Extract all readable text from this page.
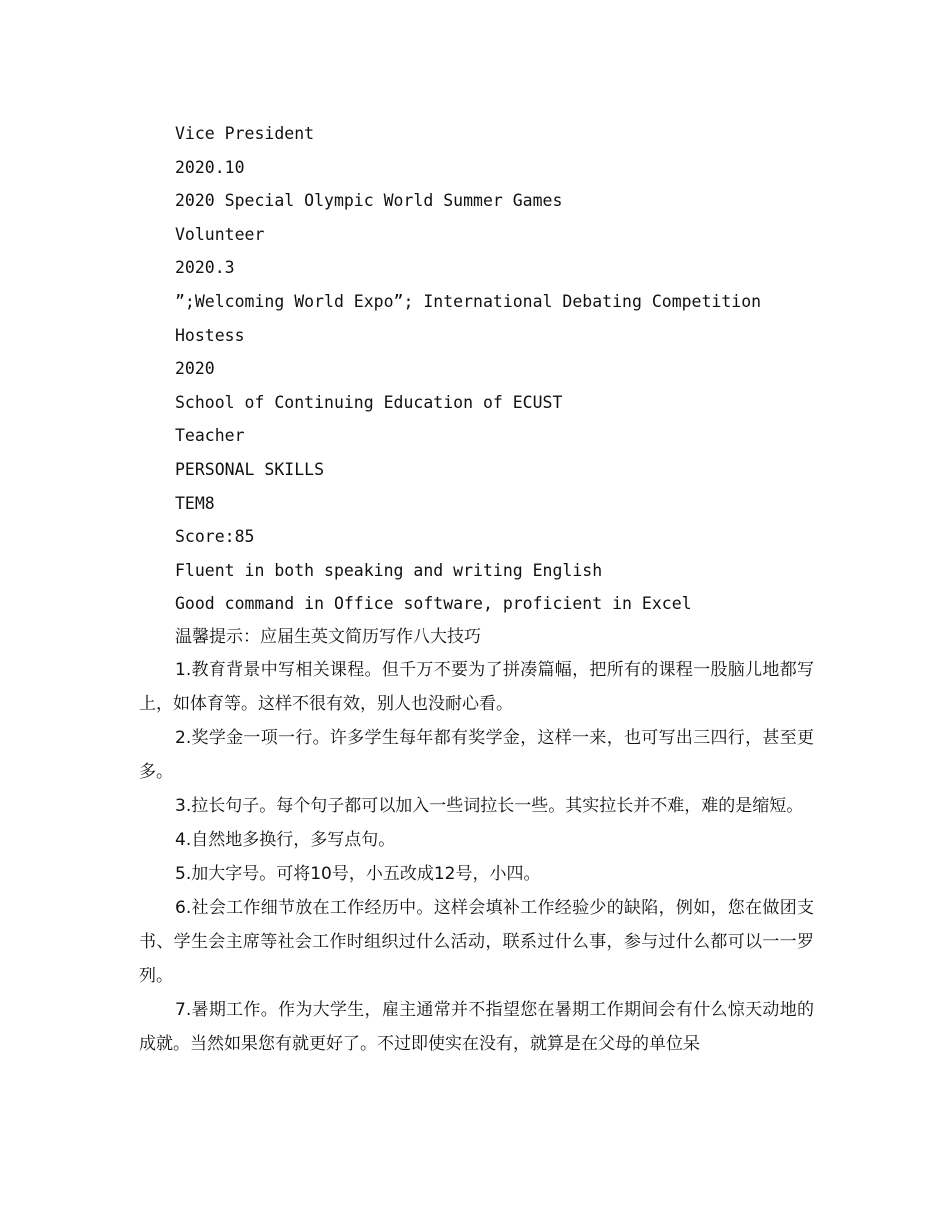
Vice President
2020.10
2020 Special Olympic World Summer Games
Volunteer
2020.3
”;Welcoming World Expo”; International Debating Competition
Hostess
2020
School of Continuing Education of ECUST
Teacher
PERSONAL SKILLS
TEM8
Score:85
Fluent in both speaking and writing English
Good command in Office software, proficient in Excel
温馨提示：应届生英文简历写作八大技巧

1.教育背景中写相关课程。但千万不要为了拼凑篇幅，把所有的课程一股脑儿地都写上，如体育等。这样不很有效，别人也没耐心看。

2.奖学金一项一行。许多学生每年都有奖学金，这样一来，也可写出三四行，甚至更多。

3.拉长句子。每个句子都可以加入一些词拉长一些。其实拉长并不难，难的是缩短。

4.自然地多换行，多写点句。

5.加大字号。可将10号，小五改成12号，小四。

6.社会工作细节放在工作经历中。这样会填补工作经验少的缺陷，例如，您在做团支书、学生会主席等社会工作时组织过什么活动，联系过什么事，参与过什么都可以一一罗列。

7.暑期工作。作为大学生，雇主通常并不指望您在暑期工作期间会有什么惊天动地的成就。当然如果您有就更好了。不过即使实在没有，就算是在父母的单位呆
